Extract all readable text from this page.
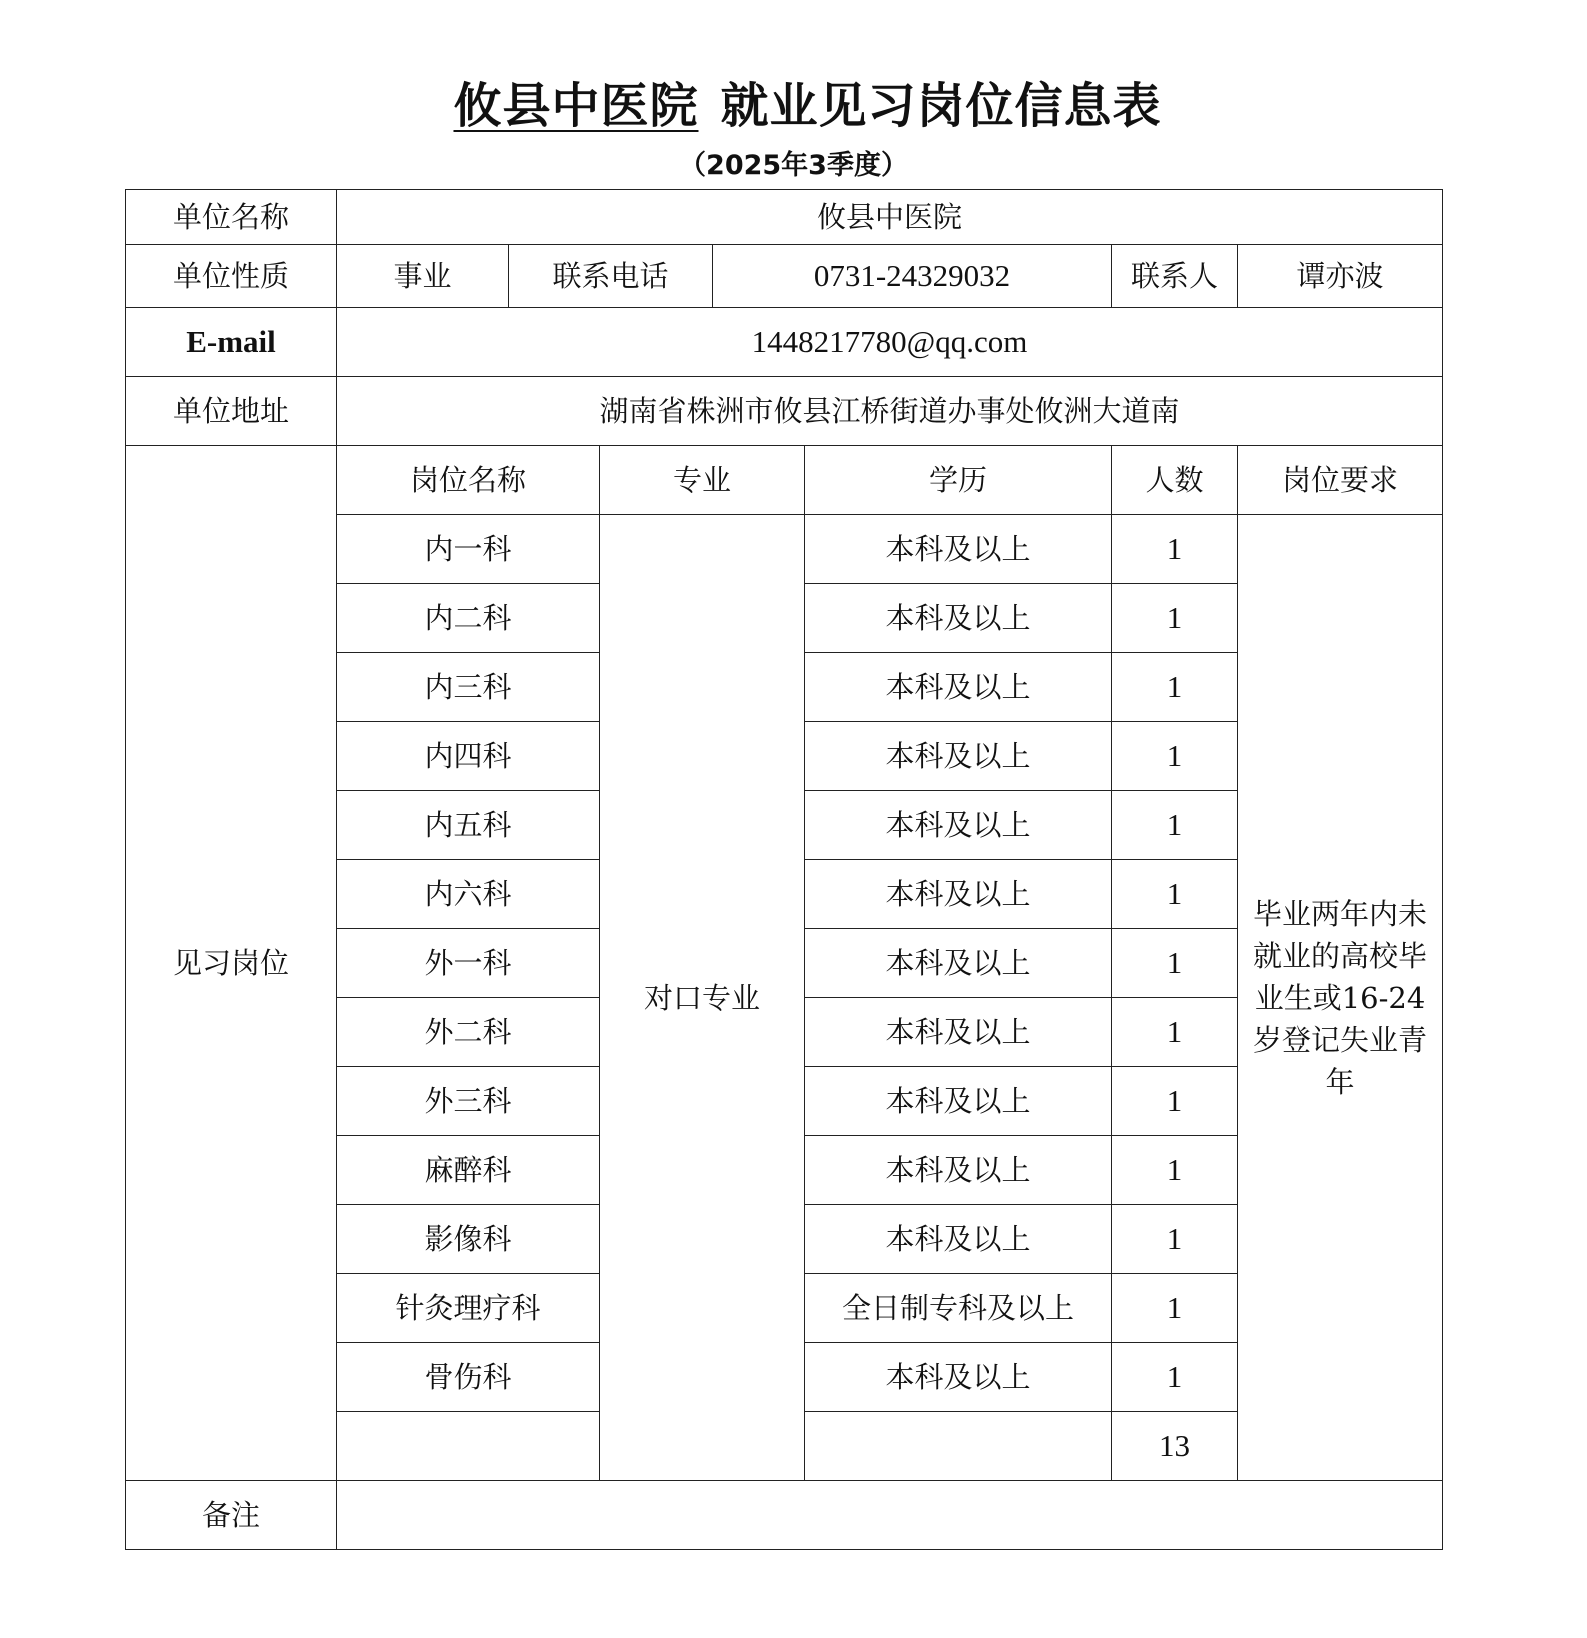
攸县中医院 就业见习岗位信息表
（2025年3季度）
单位名称	攸县中医院						
单位性质	事业	联系电话		0731-24329032		联系人	谭亦波
E-mail	1448217780@qq.com						
单位地址	湖南省株洲市攸县江桥街道办事处攸洲大道南						
见习岗位	岗位名称		专业		学历	人数	岗位要求
	内一科		对口专业		本科及以上	1	毕业两年内未就业的高校毕业生或16-24岁登记失业青年
	内二科				本科及以上	1	
	内三科				本科及以上	1	
	内四科				本科及以上	1	
	内五科				本科及以上	1	
	内六科				本科及以上	1	
	外一科				本科及以上	1	
	外二科				本科及以上	1	
	外三科				本科及以上	1	
	麻醉科				本科及以上	1	
	影像科				本科及以上	1	
	针灸理疗科				全日制专科及以上	1	
	骨伤科				本科及以上	1	
						13	
备注							
